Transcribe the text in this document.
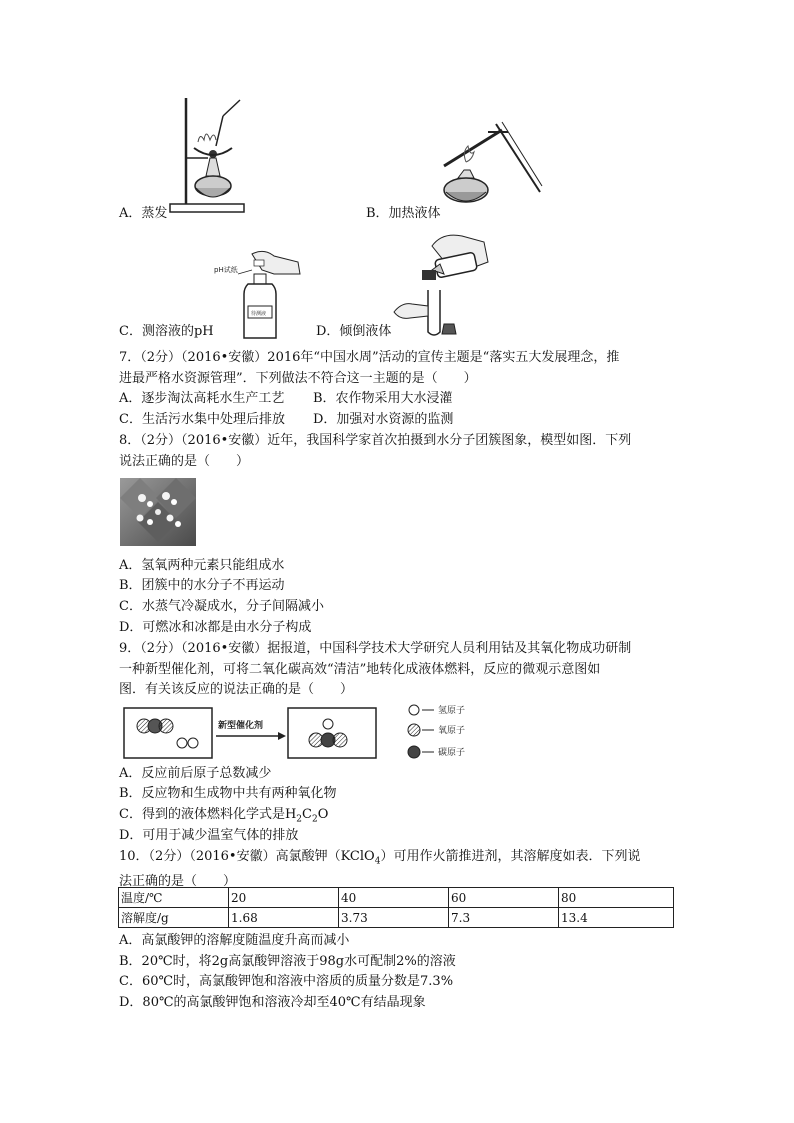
A．蒸发	B．加热液体
pH试纸
待测液
C．测溶液的pH	D．倾倒液体
7．（2分）（2016•安徽）2016年“中国水周”活动的宣传主题是“落实五大发展理念，推
进最严格水资源管理”．下列做法不符合这一主题的是（　　）
A．逐步淘汰高耗水生产工艺 B．农作物采用大水浸灌
C．生活污水集中处理后排放 D．加强对水资源的监测
8．（2分）（2016•安徽）近年，我国科学家首次拍摄到水分子团簇图象，模型如图．下列
说法正确的是（　　）
A．氢氧两种元素只能组成水
B．团簇中的水分子不再运动
C．水蒸气冷凝成水，分子间隔减小
D．可燃冰和冰都是由水分子构成
9．（2分）（2016•安徽）据报道，中国科学技术大学研究人员利用钴及其氧化物成功研制
一种新型催化剂，可将二氧化碳高效“清洁”地转化成液体燃料，反应的微观示意图如
图．有关该反应的说法正确的是（　　）
新型催化剂
氢原子
氧原子
碳原子
A．反应前后原子总数减少
B．反应物和生成物中共有两种氧化物
C．得到的液体燃料化学式是$H_2C_2O$
D．可用于减少温室气体的排放
10．（2分）（2016•安徽）高氯酸钾（KClO$_4$）可用作火箭推进剂，其溶解度如表．下列说
法正确的是（　　）
温度/℃	20	40	60	80
溶解度/g	1.68	3.73	7.3	13.4
A．高氯酸钾的溶解度随温度升高而减小
B．20℃时，将2g高氯酸钾溶液于98g水可配制2%的溶液
C．60℃时，高氯酸钾饱和溶液中溶质的质量分数是7.3%
D．80℃的高氯酸钾饱和溶液冷却至40℃有结晶现象
